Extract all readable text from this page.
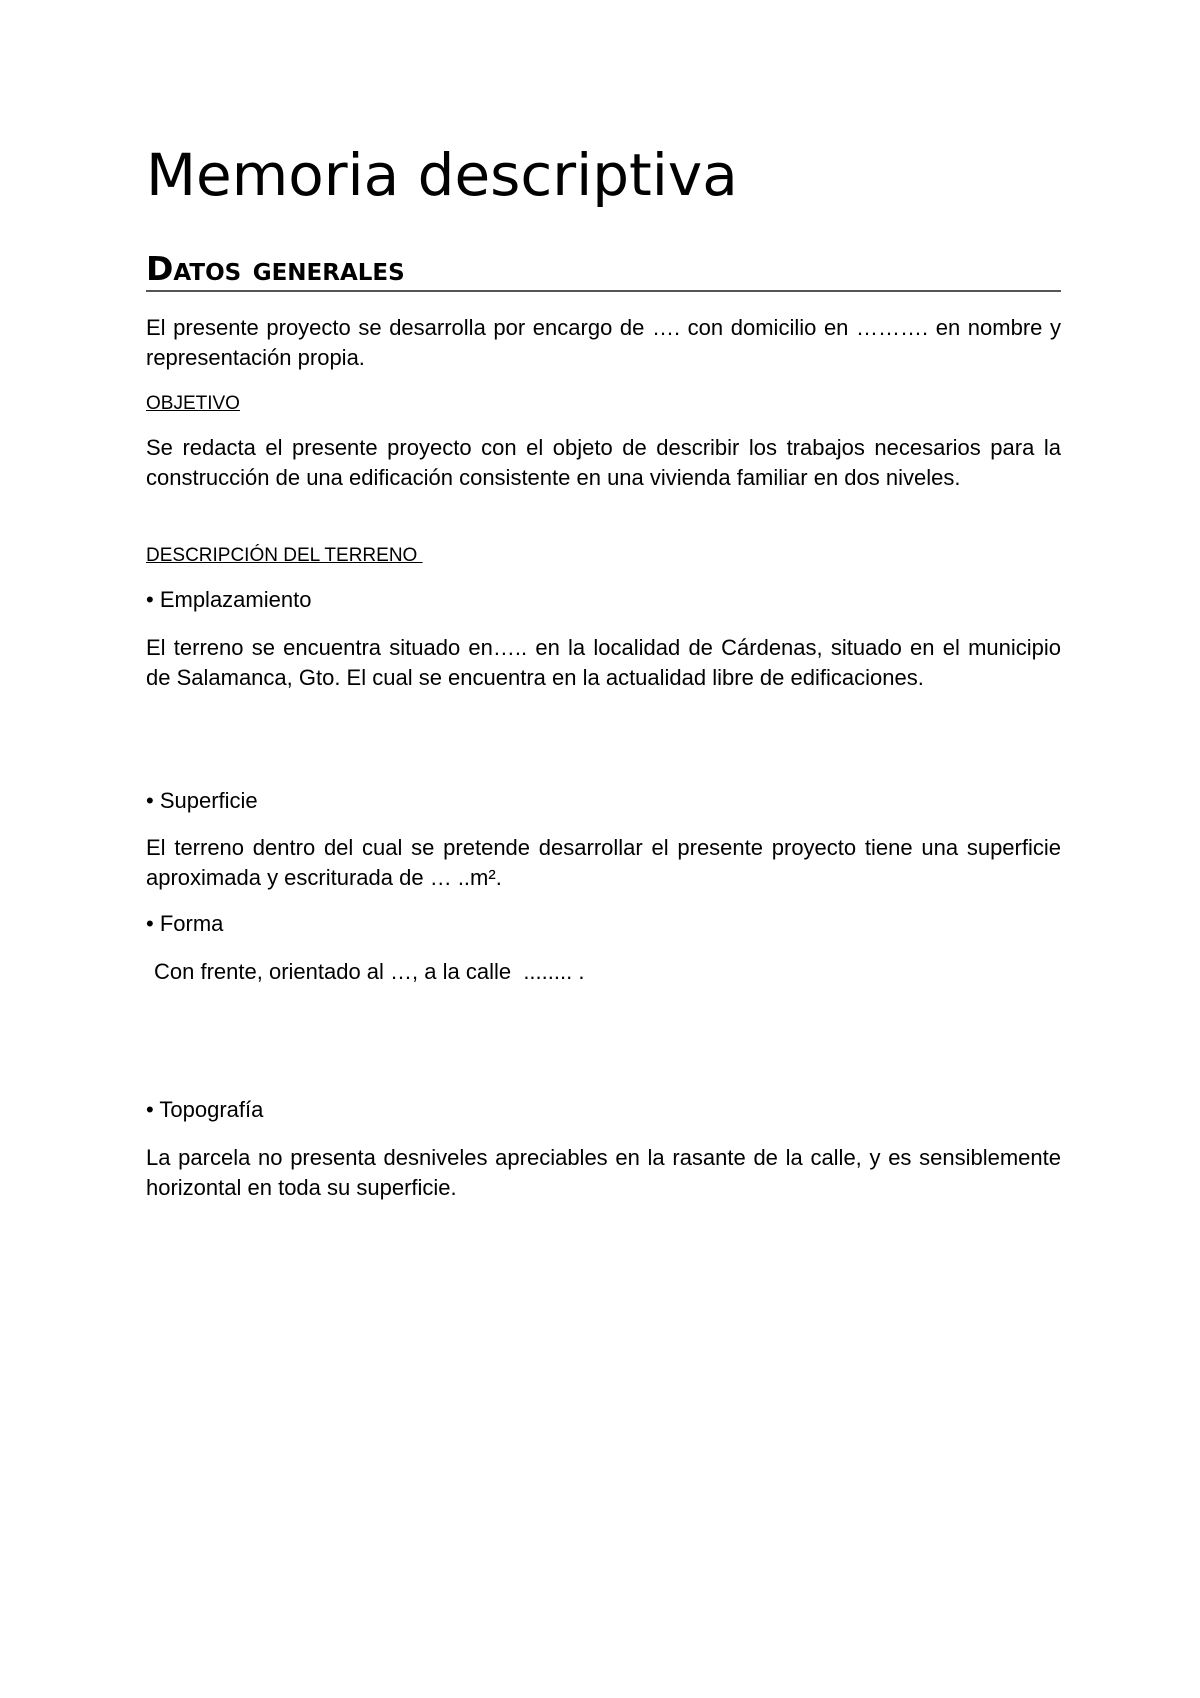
Memoria descriptiva
Datos generales

El presente proyecto se desarrolla por encargo de …. con domicilio en ………. en nombre y representación propia.

OBJETIVO

Se redacta el presente proyecto con el objeto de describir los trabajos necesarios para la construcción de una edificación consistente en una vivienda familiar en dos niveles.

DESCRIPCIÓN DEL TERRENO

• Emplazamiento

El terreno se encuentra situado en….. en la localidad de Cárdenas, situado en el municipio de Salamanca, Gto. El cual se encuentra en la actualidad libre de edificaciones.

• Superficie

El terreno dentro del cual se pretende desarrollar el presente proyecto tiene una superficie aproximada y escriturada de … ..m².

• Forma

Con frente, orientado al …, a la calle  ........ .

• Topografía

La parcela no presenta desniveles apreciables en la rasante de la calle, y es sensiblemente horizontal en toda su superficie.
